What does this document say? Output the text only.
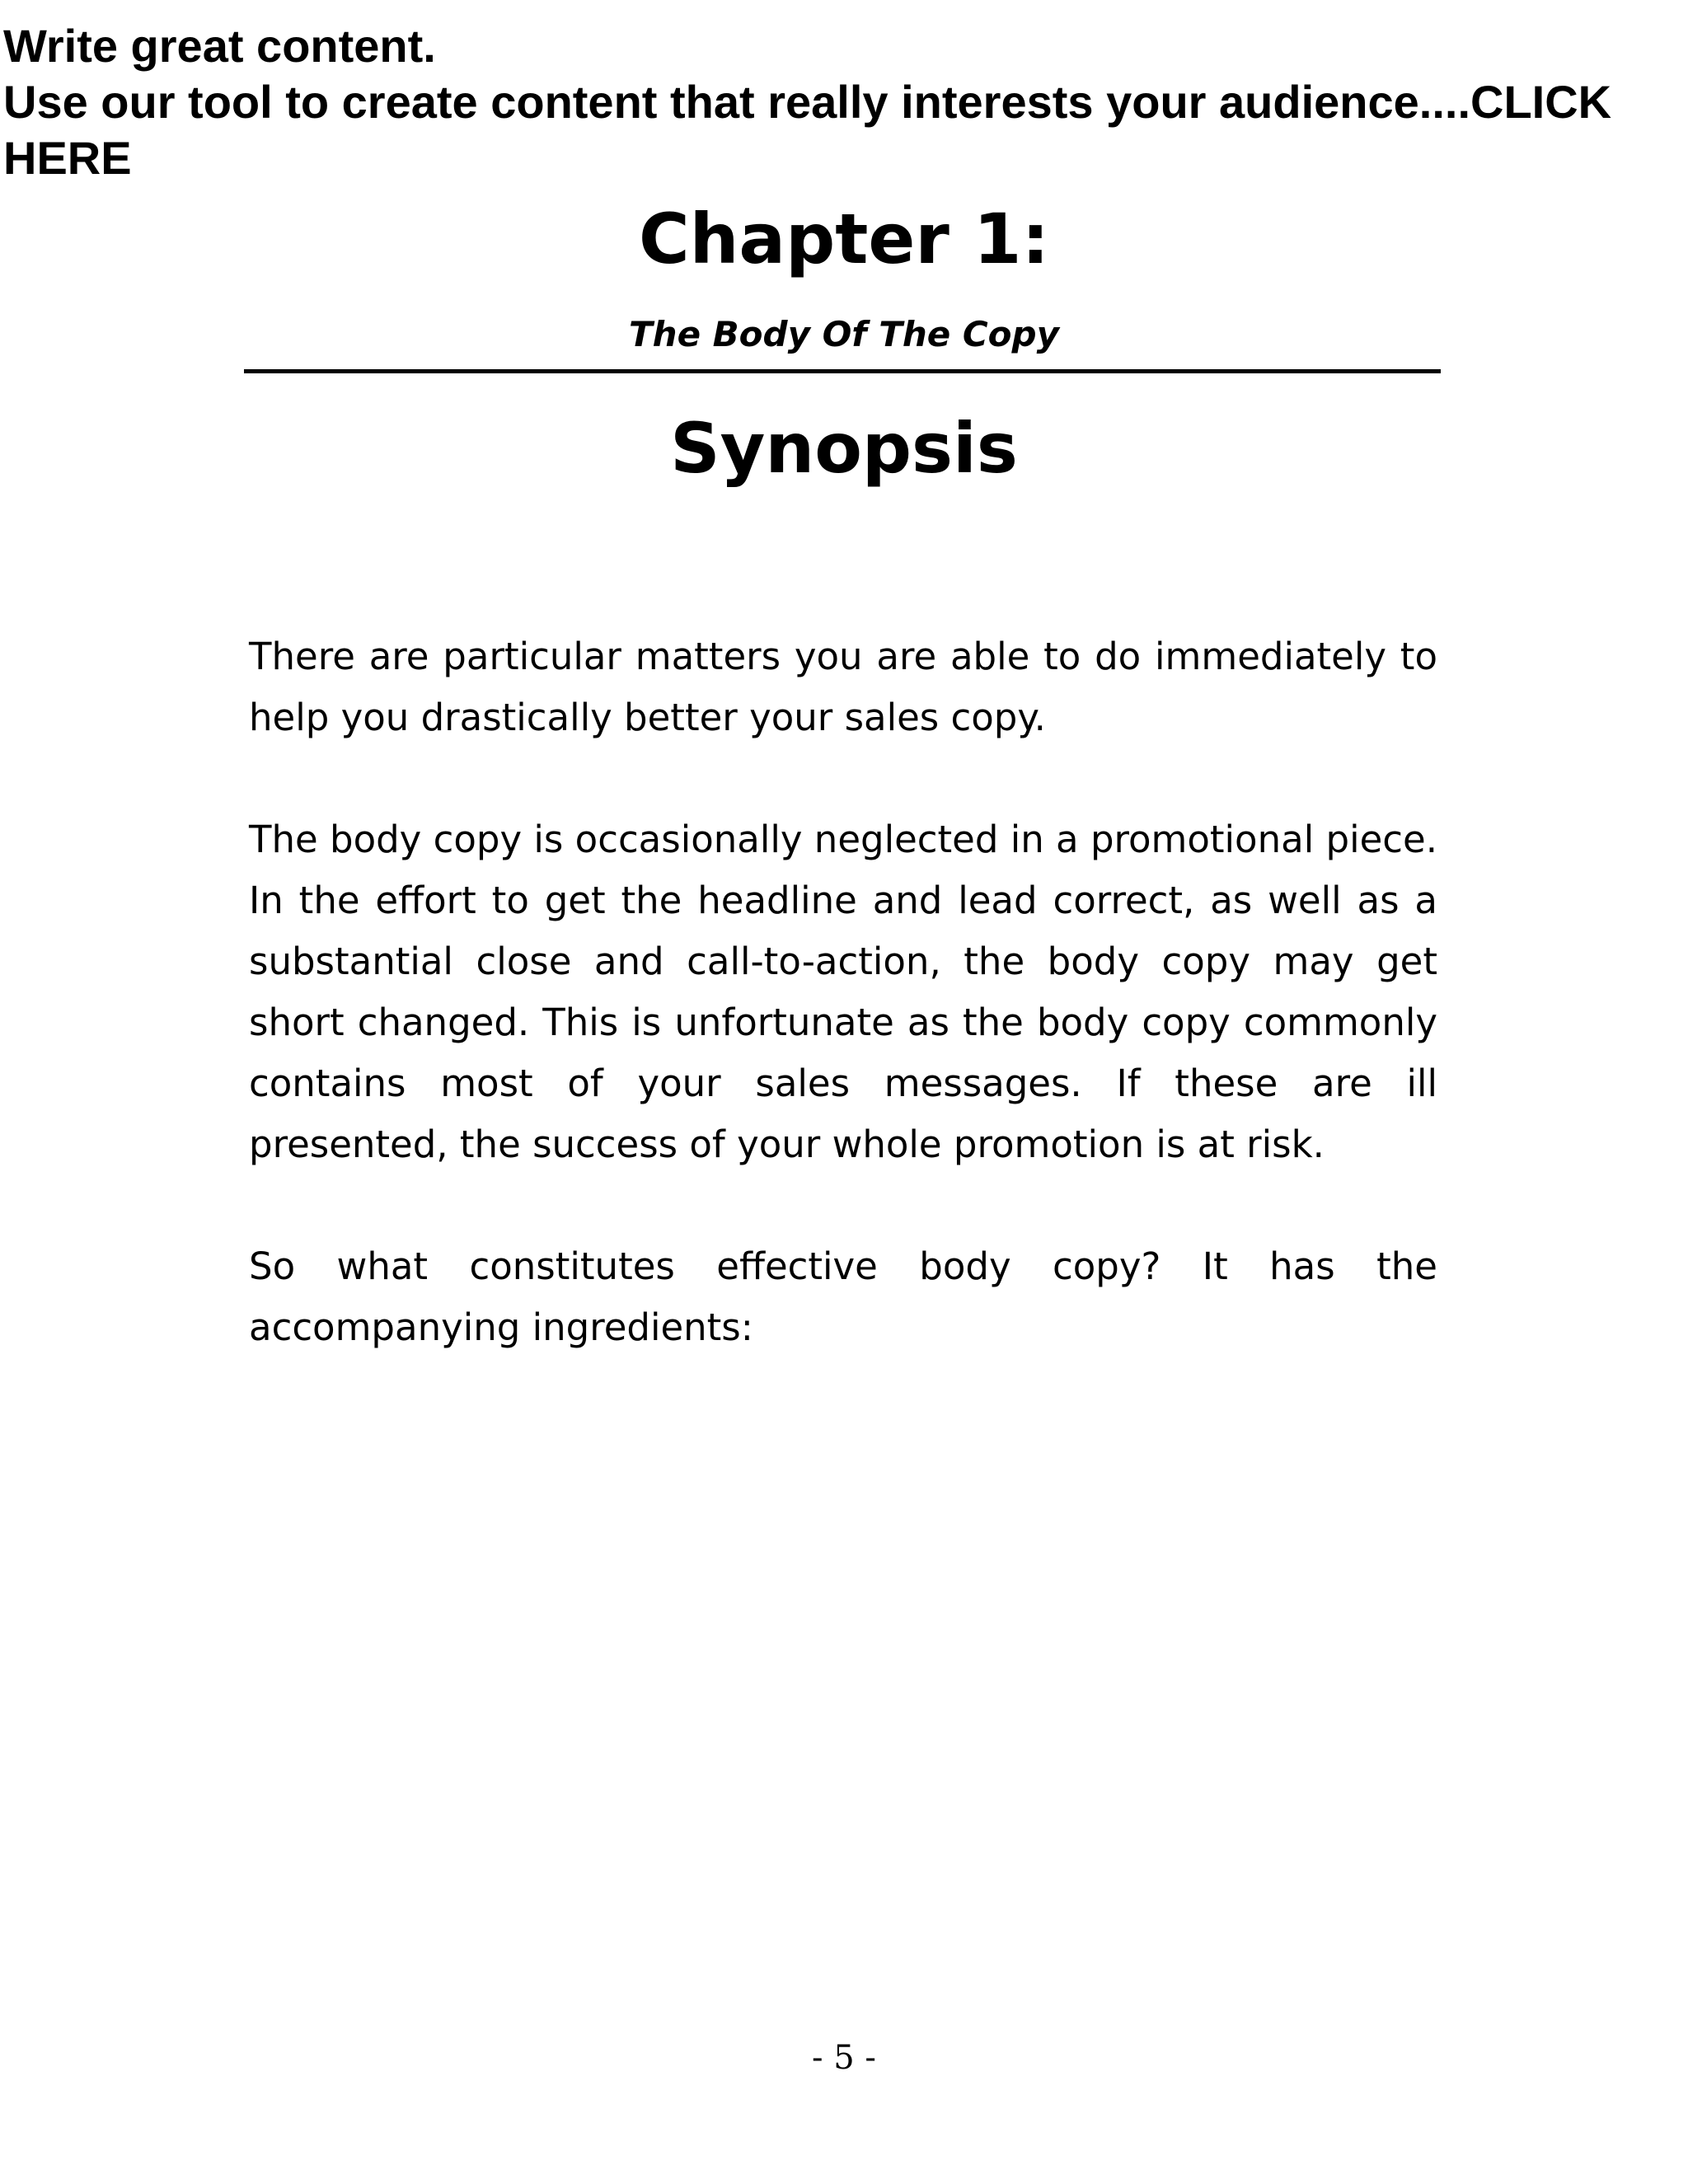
Write great content.
Use our tool to create content that really interests your audience....CLICK HERE
Chapter 1:
The Body Of The Copy
Synopsis

There are particular matters you are able to do immediately to help you drastically better your sales copy.

The body copy is occasionally neglected in a promotional piece. In the effort to get the headline and lead correct, as well as a substantial close and call-to-action, the body copy may get short changed. This is unfortunate as the body copy commonly contains most of your sales messages. If these are ill presented, the success of your whole promotion is at risk.

So what constitutes effective body copy? It has the accompanying ingredients:

- 5 -
